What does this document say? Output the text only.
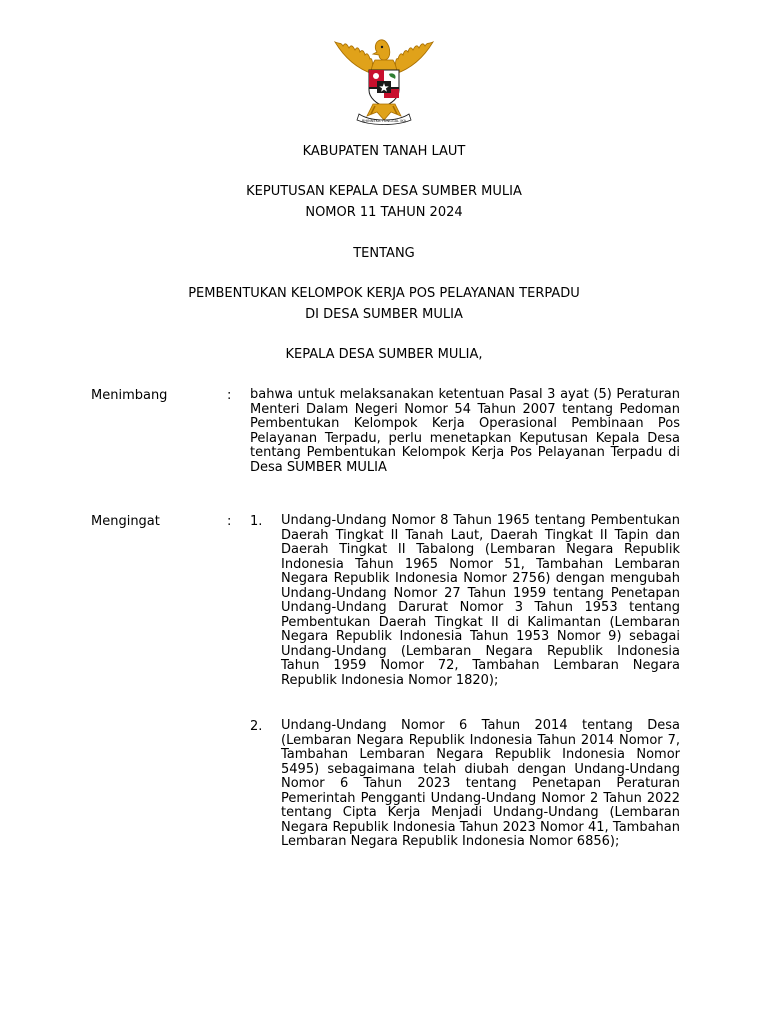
BHINNEKA TUNGGAL IKA
KABUPATEN TANAH LAUT
KEPUTUSAN KEPALA DESA SUMBER MULIA
NOMOR 11 TAHUN 2024
TENTANG
PEMBENTUKAN KELOMPOK KERJA POS PELAYANAN TERPADU
DI DESA SUMBER MULIA
KEPALA DESA SUMBER MULIA,
Menimbang	: bahwa untuk melaksanakan ketentuan Pasal 3 ayat (5) Peraturan Menteri Dalam Negeri Nomor 54 Tahun 2007 tentang Pedoman Pembentukan Kelompok Kerja Operasional Pembinaan Pos Pelayanan Terpadu, perlu menetapkan Keputusan Kepala Desa tentang Pembentukan Kelompok Kerja Pos Pelayanan Terpadu di Desa SUMBER MULIA

Mengingat	: 1. Undang-Undang Nomor 8 Tahun 1965 tentang Pembentukan Daerah Tingkat II Tanah Laut, Daerah Tingkat II Tapin dan Daerah Tingkat II Tabalong (Lembaran Negara Republik Indonesia Tahun 1965 Nomor 51, Tambahan Lembaran Negara Republik Indonesia Nomor 2756) dengan mengubah Undang-Undang Nomor 27 Tahun 1959 tentang Penetapan Undang-Undang Darurat Nomor 3 Tahun 1953 tentang Pembentukan Daerah Tingkat II di Kalimantan (Lembaran Negara Republik Indonesia Tahun 1953 Nomor 9) sebagai Undang-Undang (Lembaran Negara Republik Indonesia Tahun 1959 Nomor 72, Tambahan Lembaran Negara Republik Indonesia Nomor 1820);

2. Undang-Undang Nomor 6 Tahun 2014 tentang Desa (Lembaran Negara Republik Indonesia Tahun 2014 Nomor 7, Tambahan Lembaran Negara Republik Indonesia Nomor 5495) sebagaimana telah diubah dengan Undang-Undang Nomor 6 Tahun 2023 tentang Penetapan Peraturan Pemerintah Pengganti Undang-Undang Nomor 2 Tahun 2022 tentang Cipta Kerja Menjadi Undang-Undang (Lembaran Negara Republik Indonesia Tahun 2023 Nomor 41, Tambahan Lembaran Negara Republik Indonesia Nomor 6856);
